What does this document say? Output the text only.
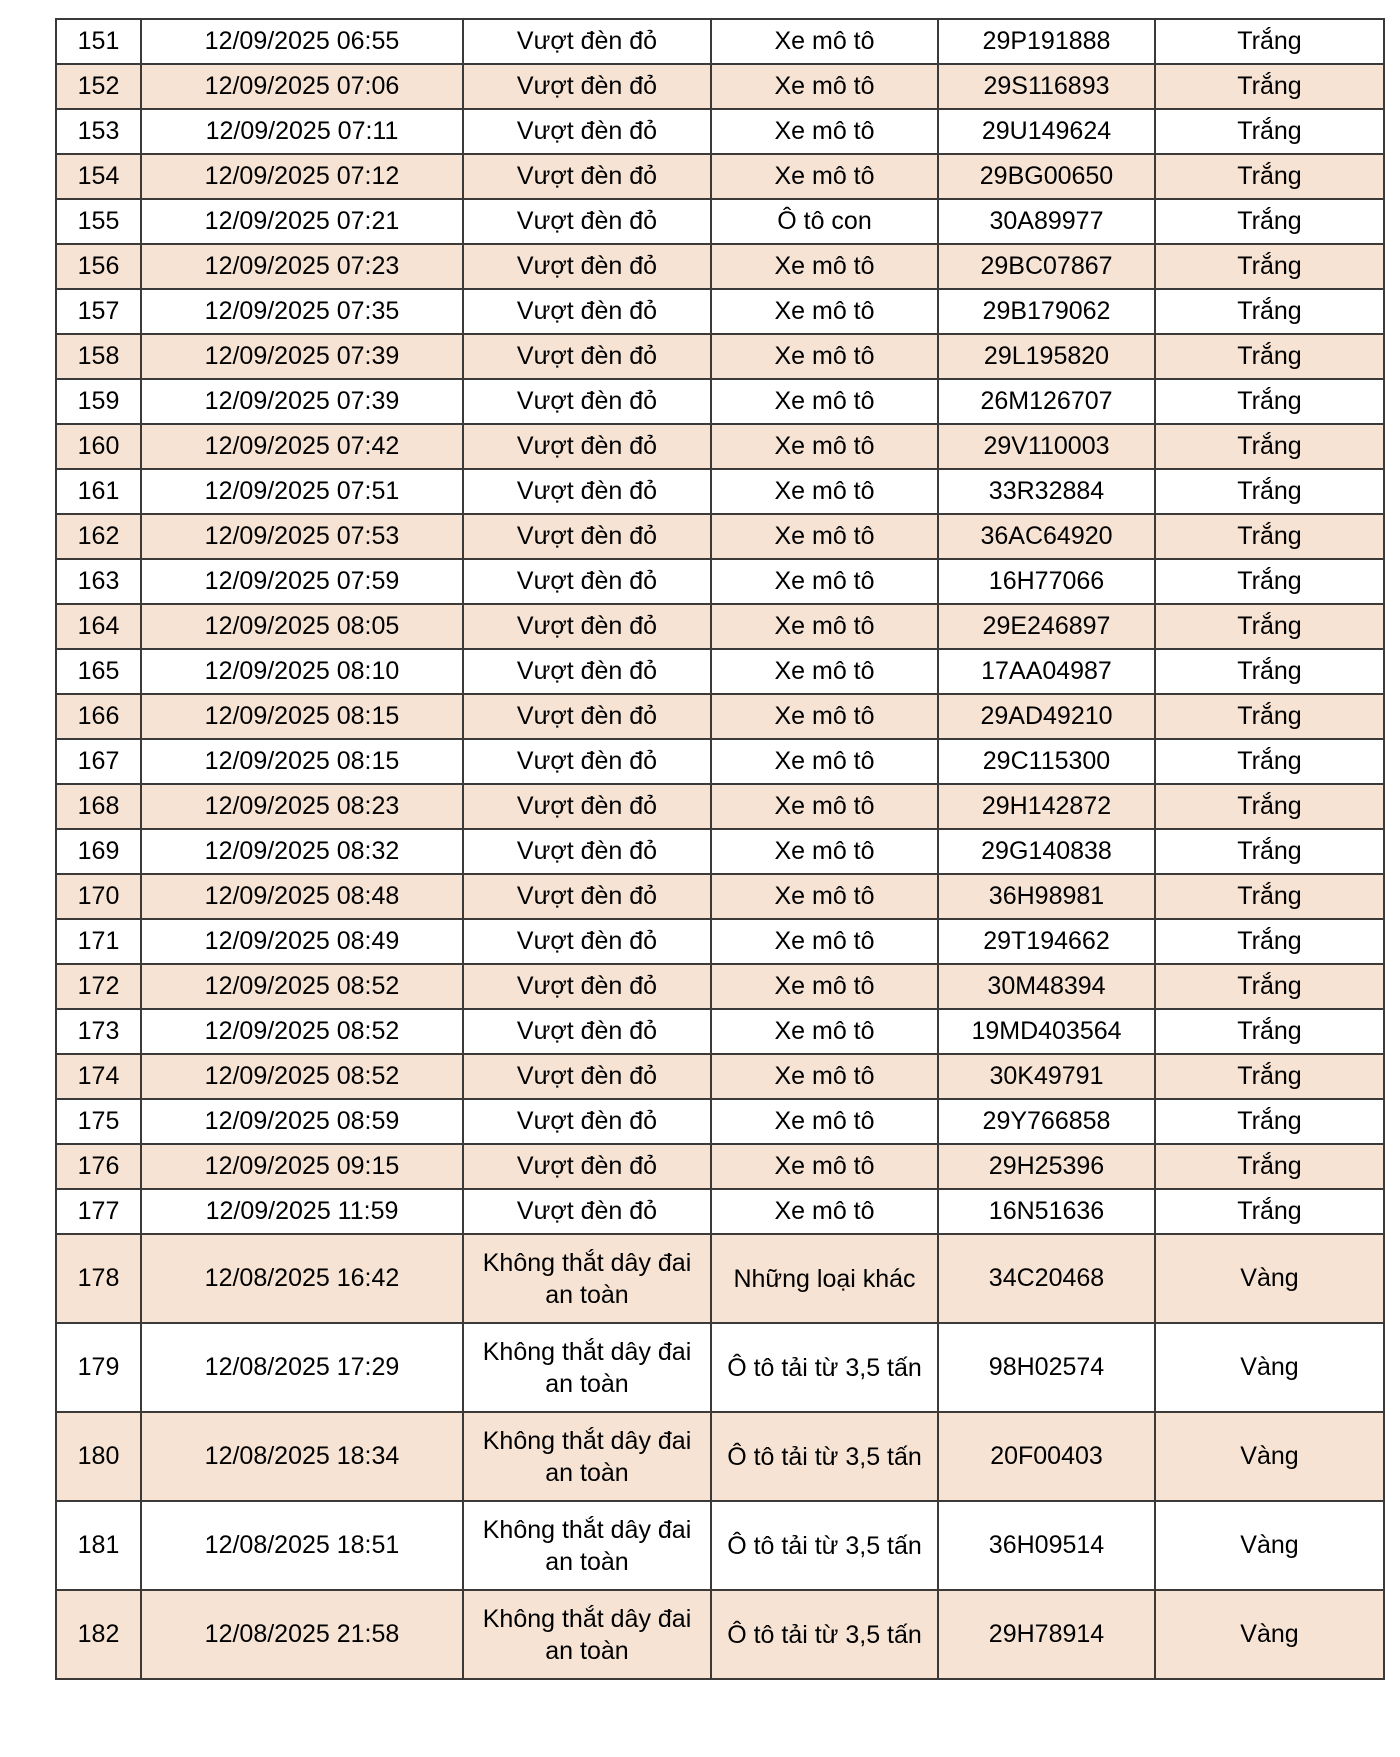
151	12/09/2025 06:55	Vượt đèn đỏ	Xe mô tô	29P191888	Trắng
152	12/09/2025 07:06	Vượt đèn đỏ	Xe mô tô	29S116893	Trắng
153	12/09/2025 07:11	Vượt đèn đỏ	Xe mô tô	29U149624	Trắng
154	12/09/2025 07:12	Vượt đèn đỏ	Xe mô tô	29BG00650	Trắng
155	12/09/2025 07:21	Vượt đèn đỏ	Ô tô con	30A89977	Trắng
156	12/09/2025 07:23	Vượt đèn đỏ	Xe mô tô	29BC07867	Trắng
157	12/09/2025 07:35	Vượt đèn đỏ	Xe mô tô	29B179062	Trắng
158	12/09/2025 07:39	Vượt đèn đỏ	Xe mô tô	29L195820	Trắng
159	12/09/2025 07:39	Vượt đèn đỏ	Xe mô tô	26M126707	Trắng
160	12/09/2025 07:42	Vượt đèn đỏ	Xe mô tô	29V110003	Trắng
161	12/09/2025 07:51	Vượt đèn đỏ	Xe mô tô	33R32884	Trắng
162	12/09/2025 07:53	Vượt đèn đỏ	Xe mô tô	36AC64920	Trắng
163	12/09/2025 07:59	Vượt đèn đỏ	Xe mô tô	16H77066	Trắng
164	12/09/2025 08:05	Vượt đèn đỏ	Xe mô tô	29E246897	Trắng
165	12/09/2025 08:10	Vượt đèn đỏ	Xe mô tô	17AA04987	Trắng
166	12/09/2025 08:15	Vượt đèn đỏ	Xe mô tô	29AD49210	Trắng
167	12/09/2025 08:15	Vượt đèn đỏ	Xe mô tô	29C115300	Trắng
168	12/09/2025 08:23	Vượt đèn đỏ	Xe mô tô	29H142872	Trắng
169	12/09/2025 08:32	Vượt đèn đỏ	Xe mô tô	29G140838	Trắng
170	12/09/2025 08:48	Vượt đèn đỏ	Xe mô tô	36H98981	Trắng
171	12/09/2025 08:49	Vượt đèn đỏ	Xe mô tô	29T194662	Trắng
172	12/09/2025 08:52	Vượt đèn đỏ	Xe mô tô	30M48394	Trắng
173	12/09/2025 08:52	Vượt đèn đỏ	Xe mô tô	19MD403564	Trắng
174	12/09/2025 08:52	Vượt đèn đỏ	Xe mô tô	30K49791	Trắng
175	12/09/2025 08:59	Vượt đèn đỏ	Xe mô tô	29Y766858	Trắng
176	12/09/2025 09:15	Vượt đèn đỏ	Xe mô tô	29H25396	Trắng
177	12/09/2025 11:59	Vượt đèn đỏ	Xe mô tô	16N51636	Trắng
178	12/08/2025 16:42	Không thắt dây đai an toàn	Những loại khác	34C20468	Vàng
179	12/08/2025 17:29	Không thắt dây đai an toàn	Ô tô tải từ 3,5 tấn	98H02574	Vàng
180	12/08/2025 18:34	Không thắt dây đai an toàn	Ô tô tải từ 3,5 tấn	20F00403	Vàng
181	12/08/2025 18:51	Không thắt dây đai an toàn	Ô tô tải từ 3,5 tấn	36H09514	Vàng
182	12/08/2025 21:58	Không thắt dây đai an toàn	Ô tô tải từ 3,5 tấn	29H78914	Vàng
